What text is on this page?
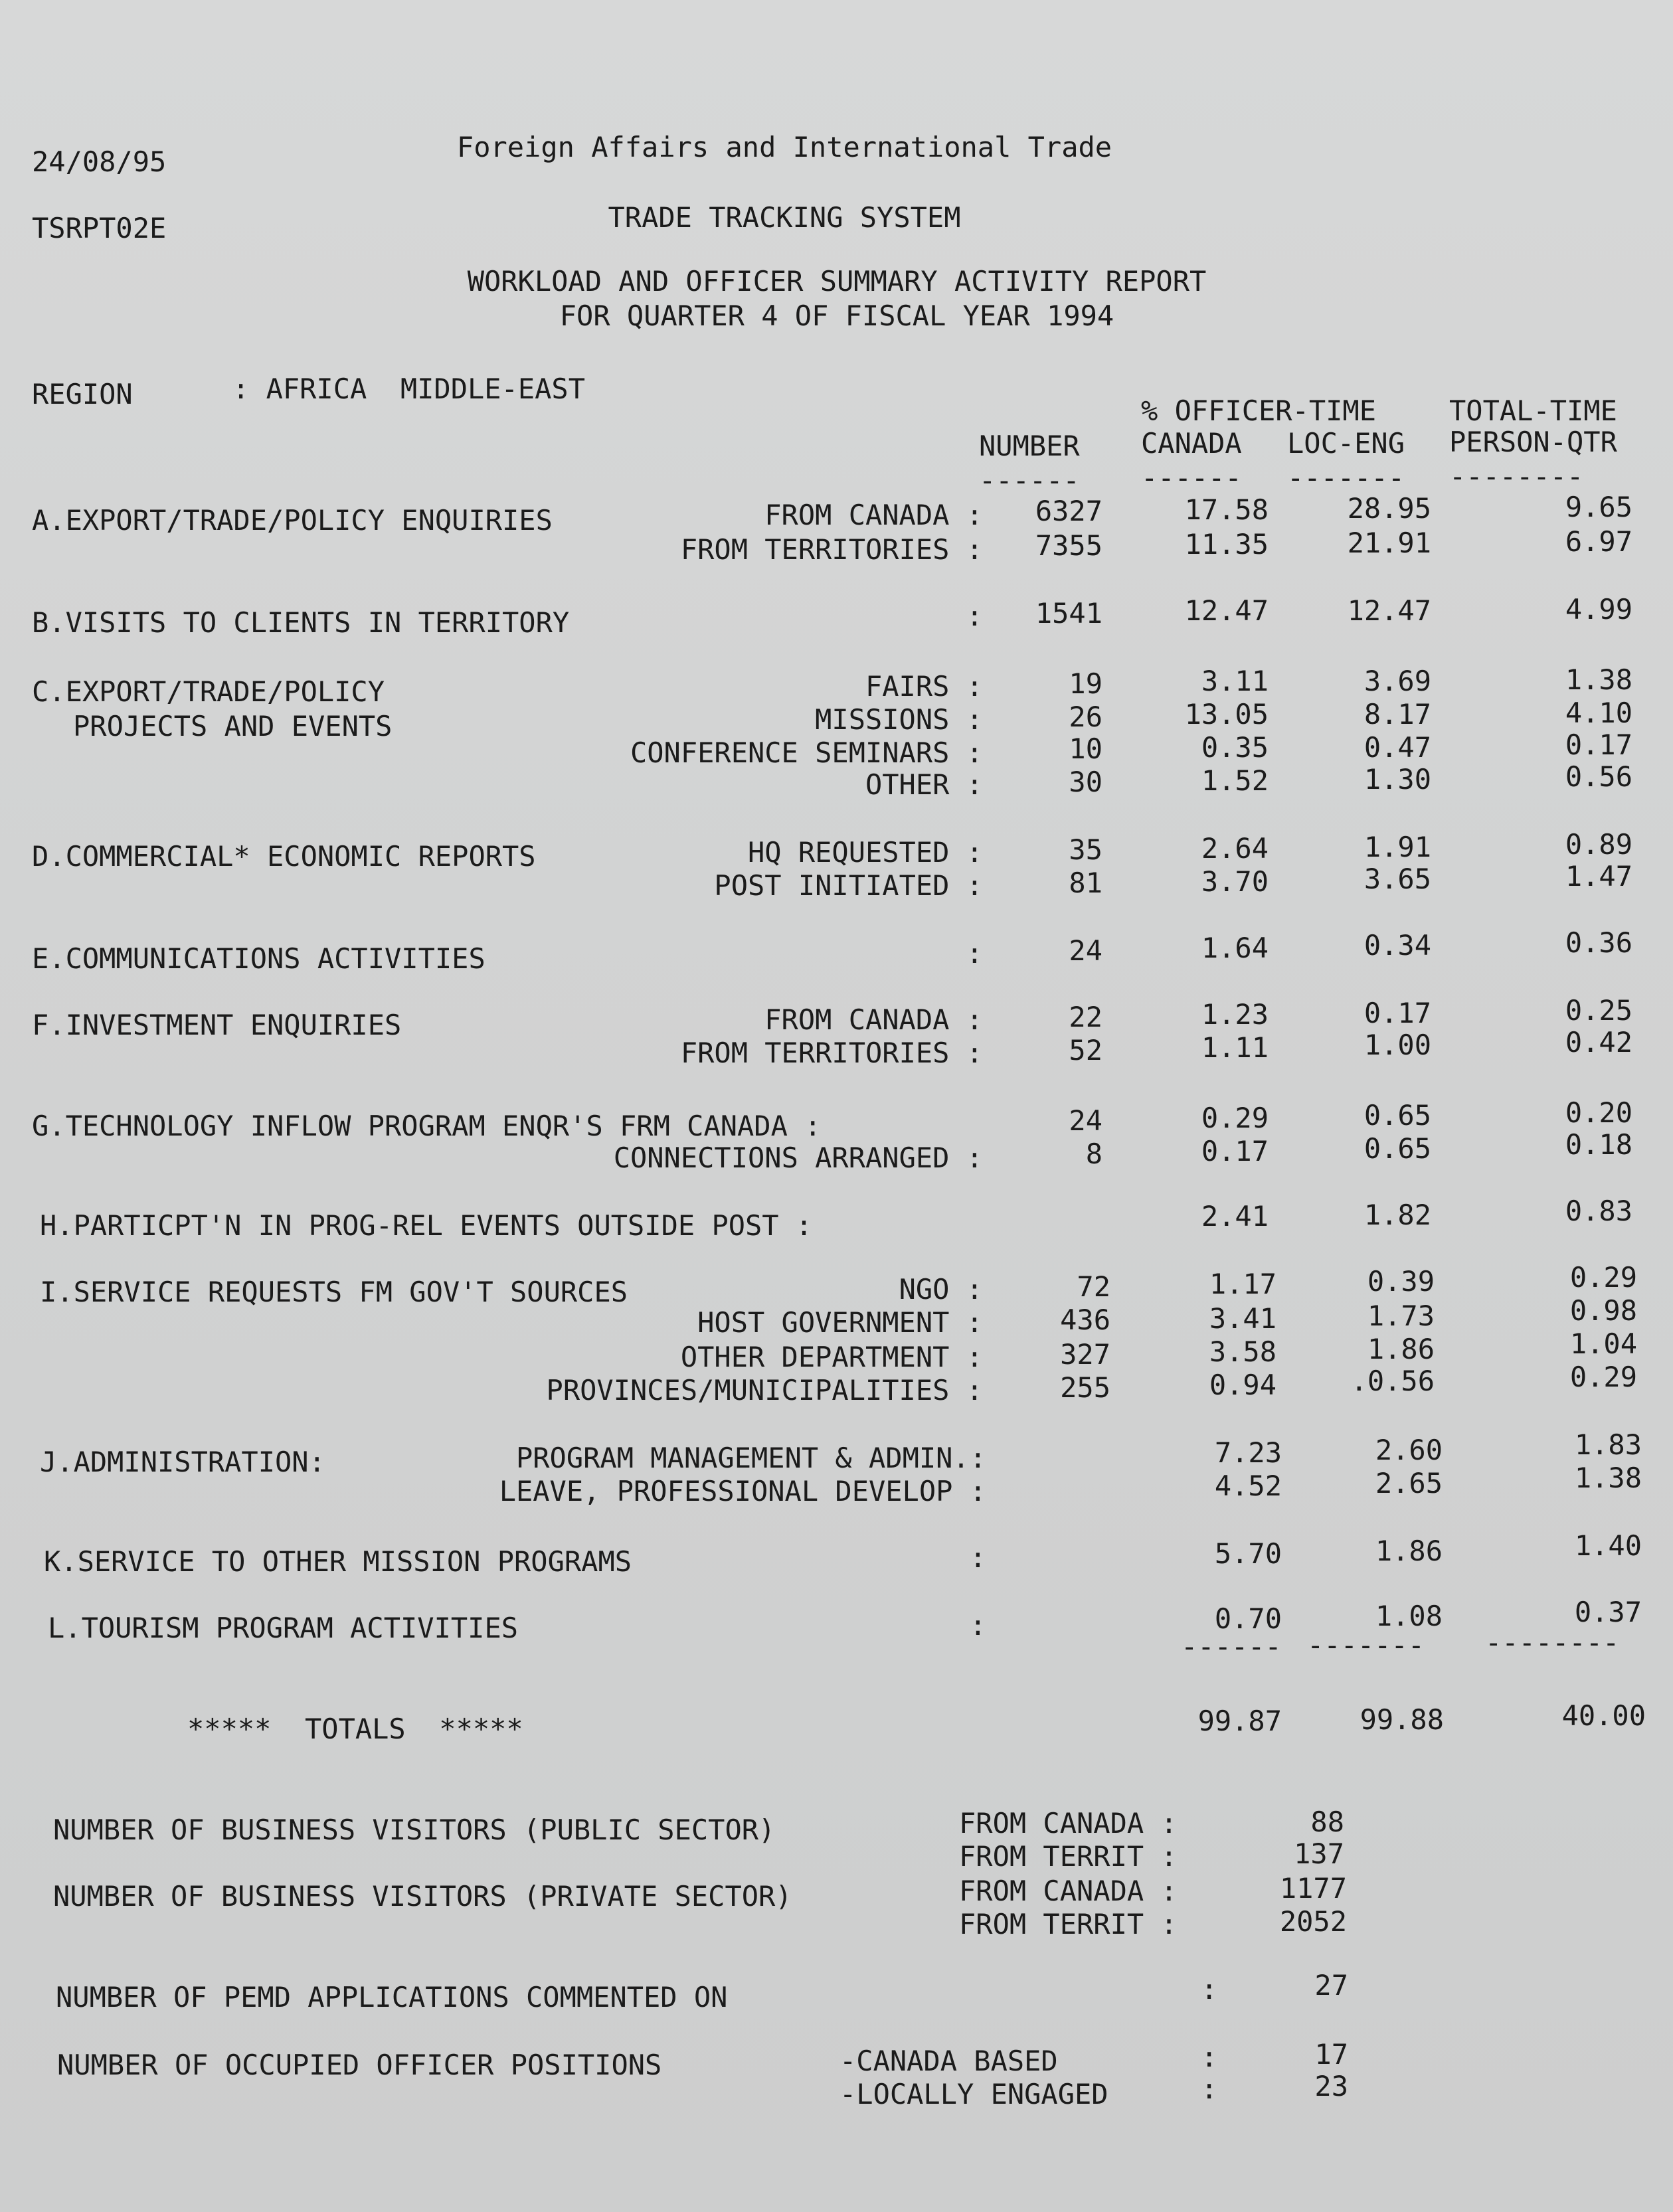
24/08/95	Foreign Affairs and International Trade
TSRPT02E	TRADE TRACKING SYSTEM
WORKLOAD AND OFFICER SUMMARY ACTIVITY REPORT
FOR QUARTER 4 OF FISCAL YEAR 1994
REGION	: AFRICA  MIDDLE-EAST
% OFFICER-TIME	TOTAL-TIME
NUMBER CANADA LOC-ENG PERSON-QTR
------ ------ ------- --------
A.EXPORT/TRADE/POLICY ENQUIRIES	FROM CANADA : 6327	17.58	28.95	9.65
FROM TERRITORIES : 7355	11.35	21.91	6.97
B.VISITS TO CLIENTS IN TERRITORY	: 1541	12.47	12.47	4.99
C.EXPORT/TRADE/POLICY	FAIRS :	19	3.11	3.69	1.38
PROJECTS AND EVENTS	MISSIONS :	26	13.05	8.17	4.10
CONFERENCE SEMINARS :	10	0.35	0.47	0.17
OTHER :	30	1.52	1.30	0.56
D.COMMERCIAL* ECONOMIC REPORTS	HQ REQUESTED :	35	2.64	1.91	0.89
POST INITIATED :	81	3.70	3.65	1.47
E.COMMUNICATIONS ACTIVITIES	:	24	1.64	0.34	0.36
F.INVESTMENT ENQUIRIES	FROM CANADA :	22	1.23	0.17	0.25
FROM TERRITORIES :	52	1.11	1.00	0.42
G.TECHNOLOGY INFLOW PROGRAM ENQR'S FRM CANADA :	24	0.29	0.65	0.20
CONNECTIONS ARRANGED :	8	0.17	0.65	0.18
H.PARTICPT'N IN PROG-REL EVENTS OUTSIDE POST :	2.41	1.82	0.83
I.SERVICE REQUESTS FM GOV'T SOURCES	NGO :	72	1.17	0.39	0.29
HOST GOVERNMENT :	436	3.41	1.73	0.98
OTHER DEPARTMENT :	327	3.58	1.86	1.04
PROVINCES/MUNICIPALITIES :	255	0.94	.0.56	0.29
J.ADMINISTRATION:	PROGRAM MANAGEMENT & ADMIN.:	7.23	2.60	1.83
LEAVE, PROFESSIONAL DEVELOP :	4.52	2.65	1.38
K.SERVICE TO OTHER MISSION PROGRAMS	:	5.70	1.86	1.40
L.TOURISM PROGRAM ACTIVITIES	:	0.70	1.08	0.37
------ ------- --------
*****  TOTALS  *****	99.87	99.88	40.00
NUMBER OF BUSINESS VISITORS (PUBLIC SECTOR)	FROM CANADA :	88
FROM TERRIT :	137
NUMBER OF BUSINESS VISITORS (PRIVATE SECTOR)	FROM CANADA :	1177
FROM TERRIT :	2052
NUMBER OF PEMD APPLICATIONS COMMENTED ON	:	27
NUMBER OF OCCUPIED OFFICER POSITIONS	-CANADA BASED	:	17
-LOCALLY ENGAGED	:	23
